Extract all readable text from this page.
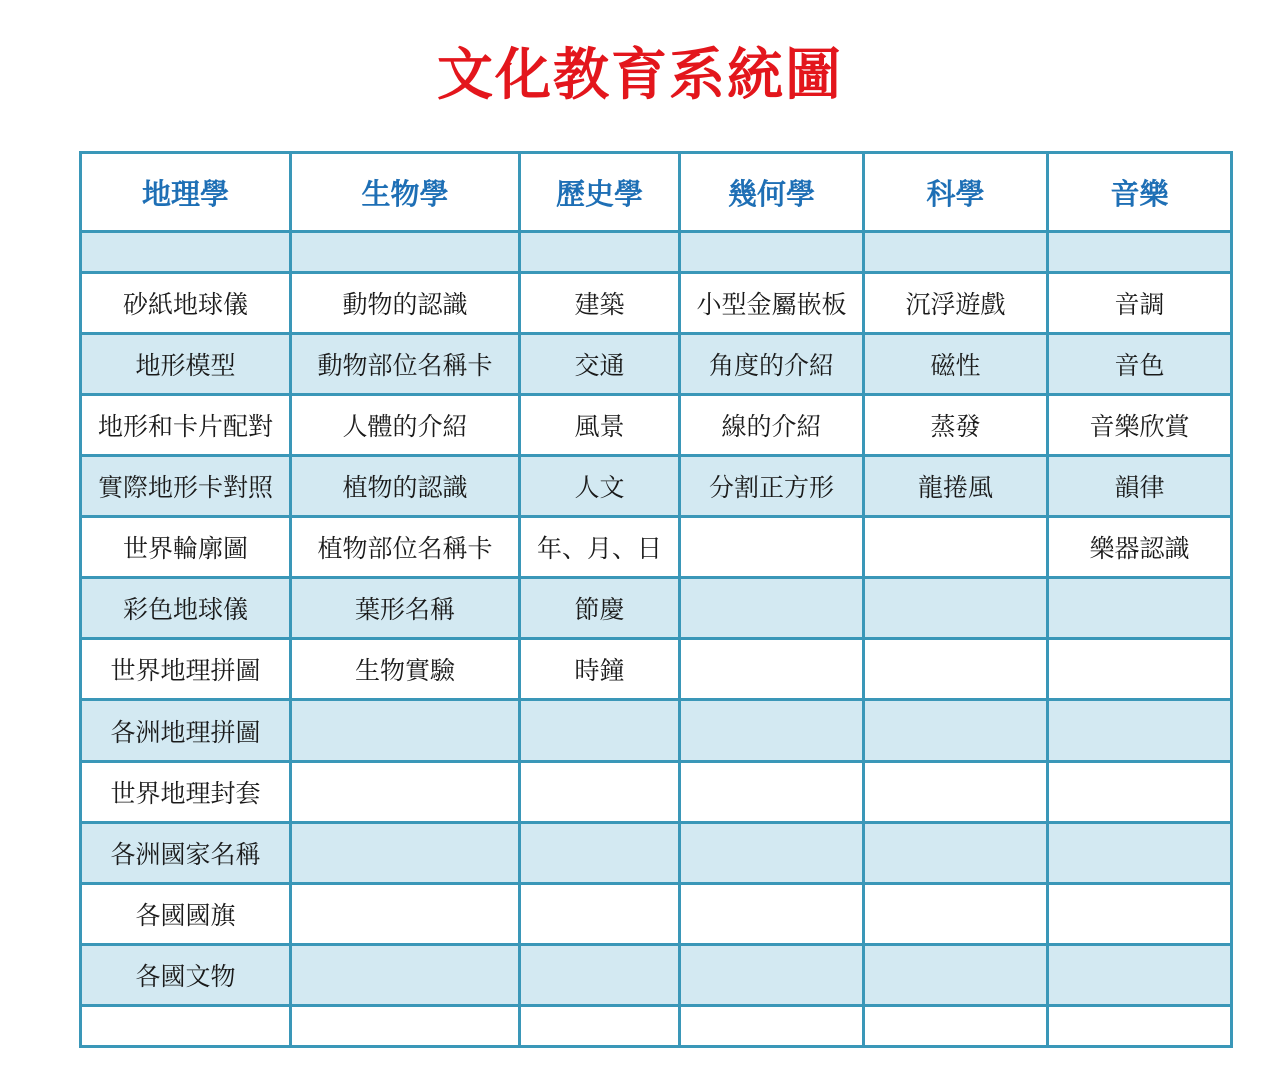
文化教育系統圖
地理學	生物學	歷史學	幾何學	科學	音樂

砂紙地球儀	動物的認識	建築	小型金屬嵌板	沉浮遊戲	音調
地形模型	動物部位名稱卡	交通	角度的介紹	磁性	音色
地形和卡片配對	人體的介紹	風景	線的介紹	蒸發	音樂欣賞
實際地形卡對照	植物的認識	人文	分割正方形	龍捲風	韻律
世界輪廓圖	植物部位名稱卡	年、月、日			樂器認識
彩色地球儀	葉形名稱	節慶			
世界地理拼圖	生物實驗	時鐘			
各洲地理拼圖					
世界地理封套					
各洲國家名稱					
各國國旗					
各國文物					
